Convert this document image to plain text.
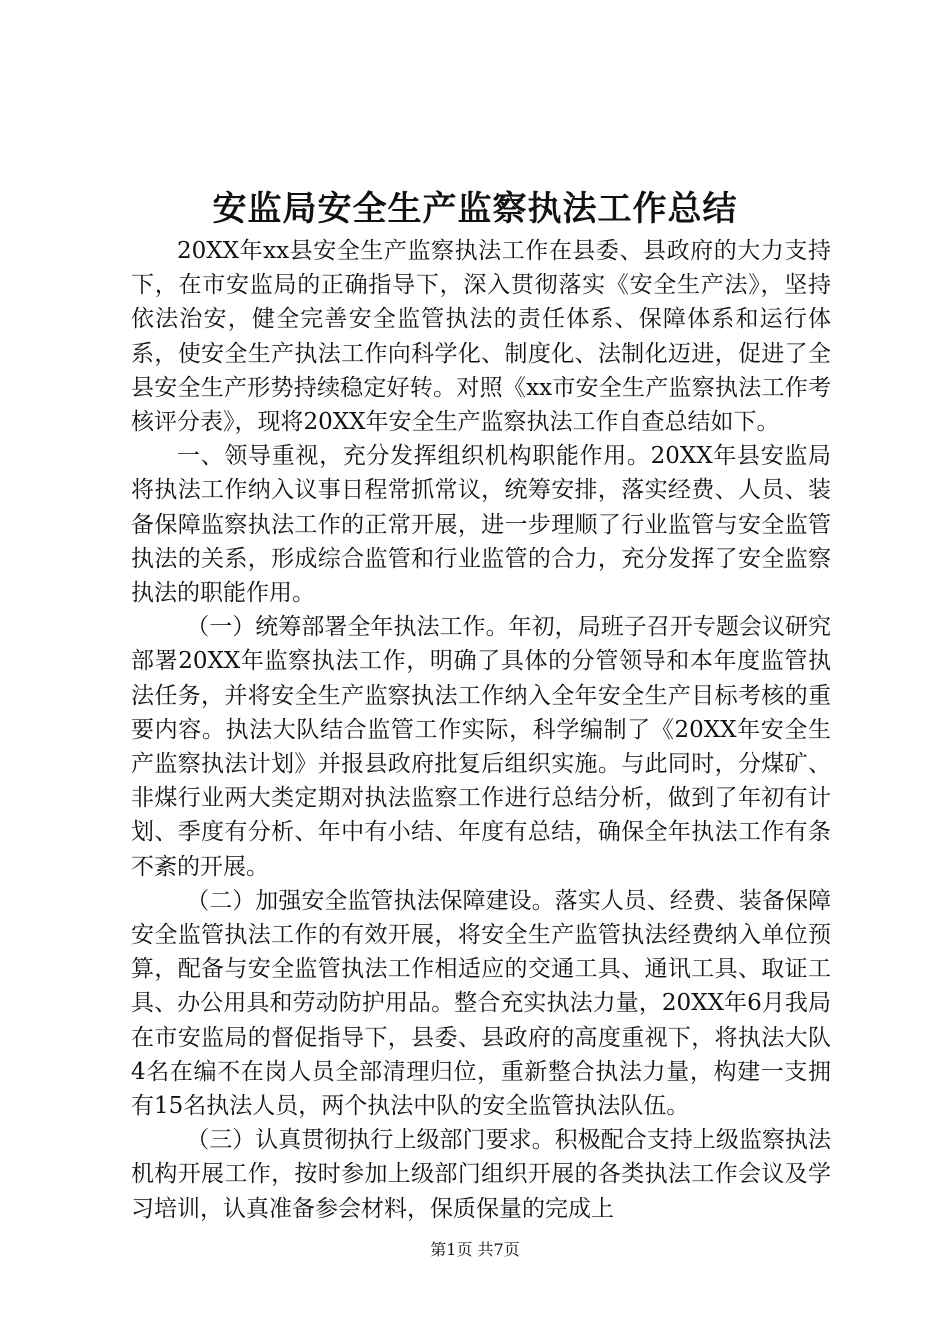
安监局安全生产监察执法工作总结

20XX年xx县安全生产监察执法工作在县委、县政府的大力支持下，在市安监局的正确指导下，深入贯彻落实《安全生产法》，坚持依法治安，健全完善安全监管执法的责任体系、保障体系和运行体系，使安全生产执法工作向科学化、制度化、法制化迈进，促进了全县安全生产形势持续稳定好转。对照《xx市安全生产监察执法工作考核评分表》，现将20XX年安全生产监察执法工作自查总结如下。

一、领导重视，充分发挥组织机构职能作用。20XX年县安监局将执法工作纳入议事日程常抓常议，统筹安排，落实经费、人员、装备保障监察执法工作的正常开展，进一步理顺了行业监管与安全监管执法的关系，形成综合监管和行业监管的合力，充分发挥了安全监察执法的职能作用。

（一）统筹部署全年执法工作。年初，局班子召开专题会议研究部署20XX年监察执法工作，明确了具体的分管领导和本年度监管执法任务，并将安全生产监察执法工作纳入全年安全生产目标考核的重要内容。执法大队结合监管工作实际，科学编制了《20XX年安全生产监察执法计划》并报县政府批复后组织实施。与此同时，分煤矿、非煤行业两大类定期对执法监察工作进行总结分析，做到了年初有计划、季度有分析、年中有小结、年度有总结，确保全年执法工作有条不紊的开展。

（二）加强安全监管执法保障建设。落实人员、经费、装备保障安全监管执法工作的有效开展，将安全生产监管执法经费纳入单位预算，配备与安全监管执法工作相适应的交通工具、通讯工具、取证工具、办公用具和劳动防护用品。整合充实执法力量，20XX年6月我局在市安监局的督促指导下，县委、县政府的高度重视下，将执法大队4名在编不在岗人员全部清理归位，重新整合执法力量，构建一支拥有15名执法人员，两个执法中队的安全监管执法队伍。

（三）认真贯彻执行上级部门要求。积极配合支持上级监察执法机构开展工作，按时参加上级部门组织开展的各类执法工作会议及学习培训，认真准备参会材料，保质保量的完成上

第1页 共7页
